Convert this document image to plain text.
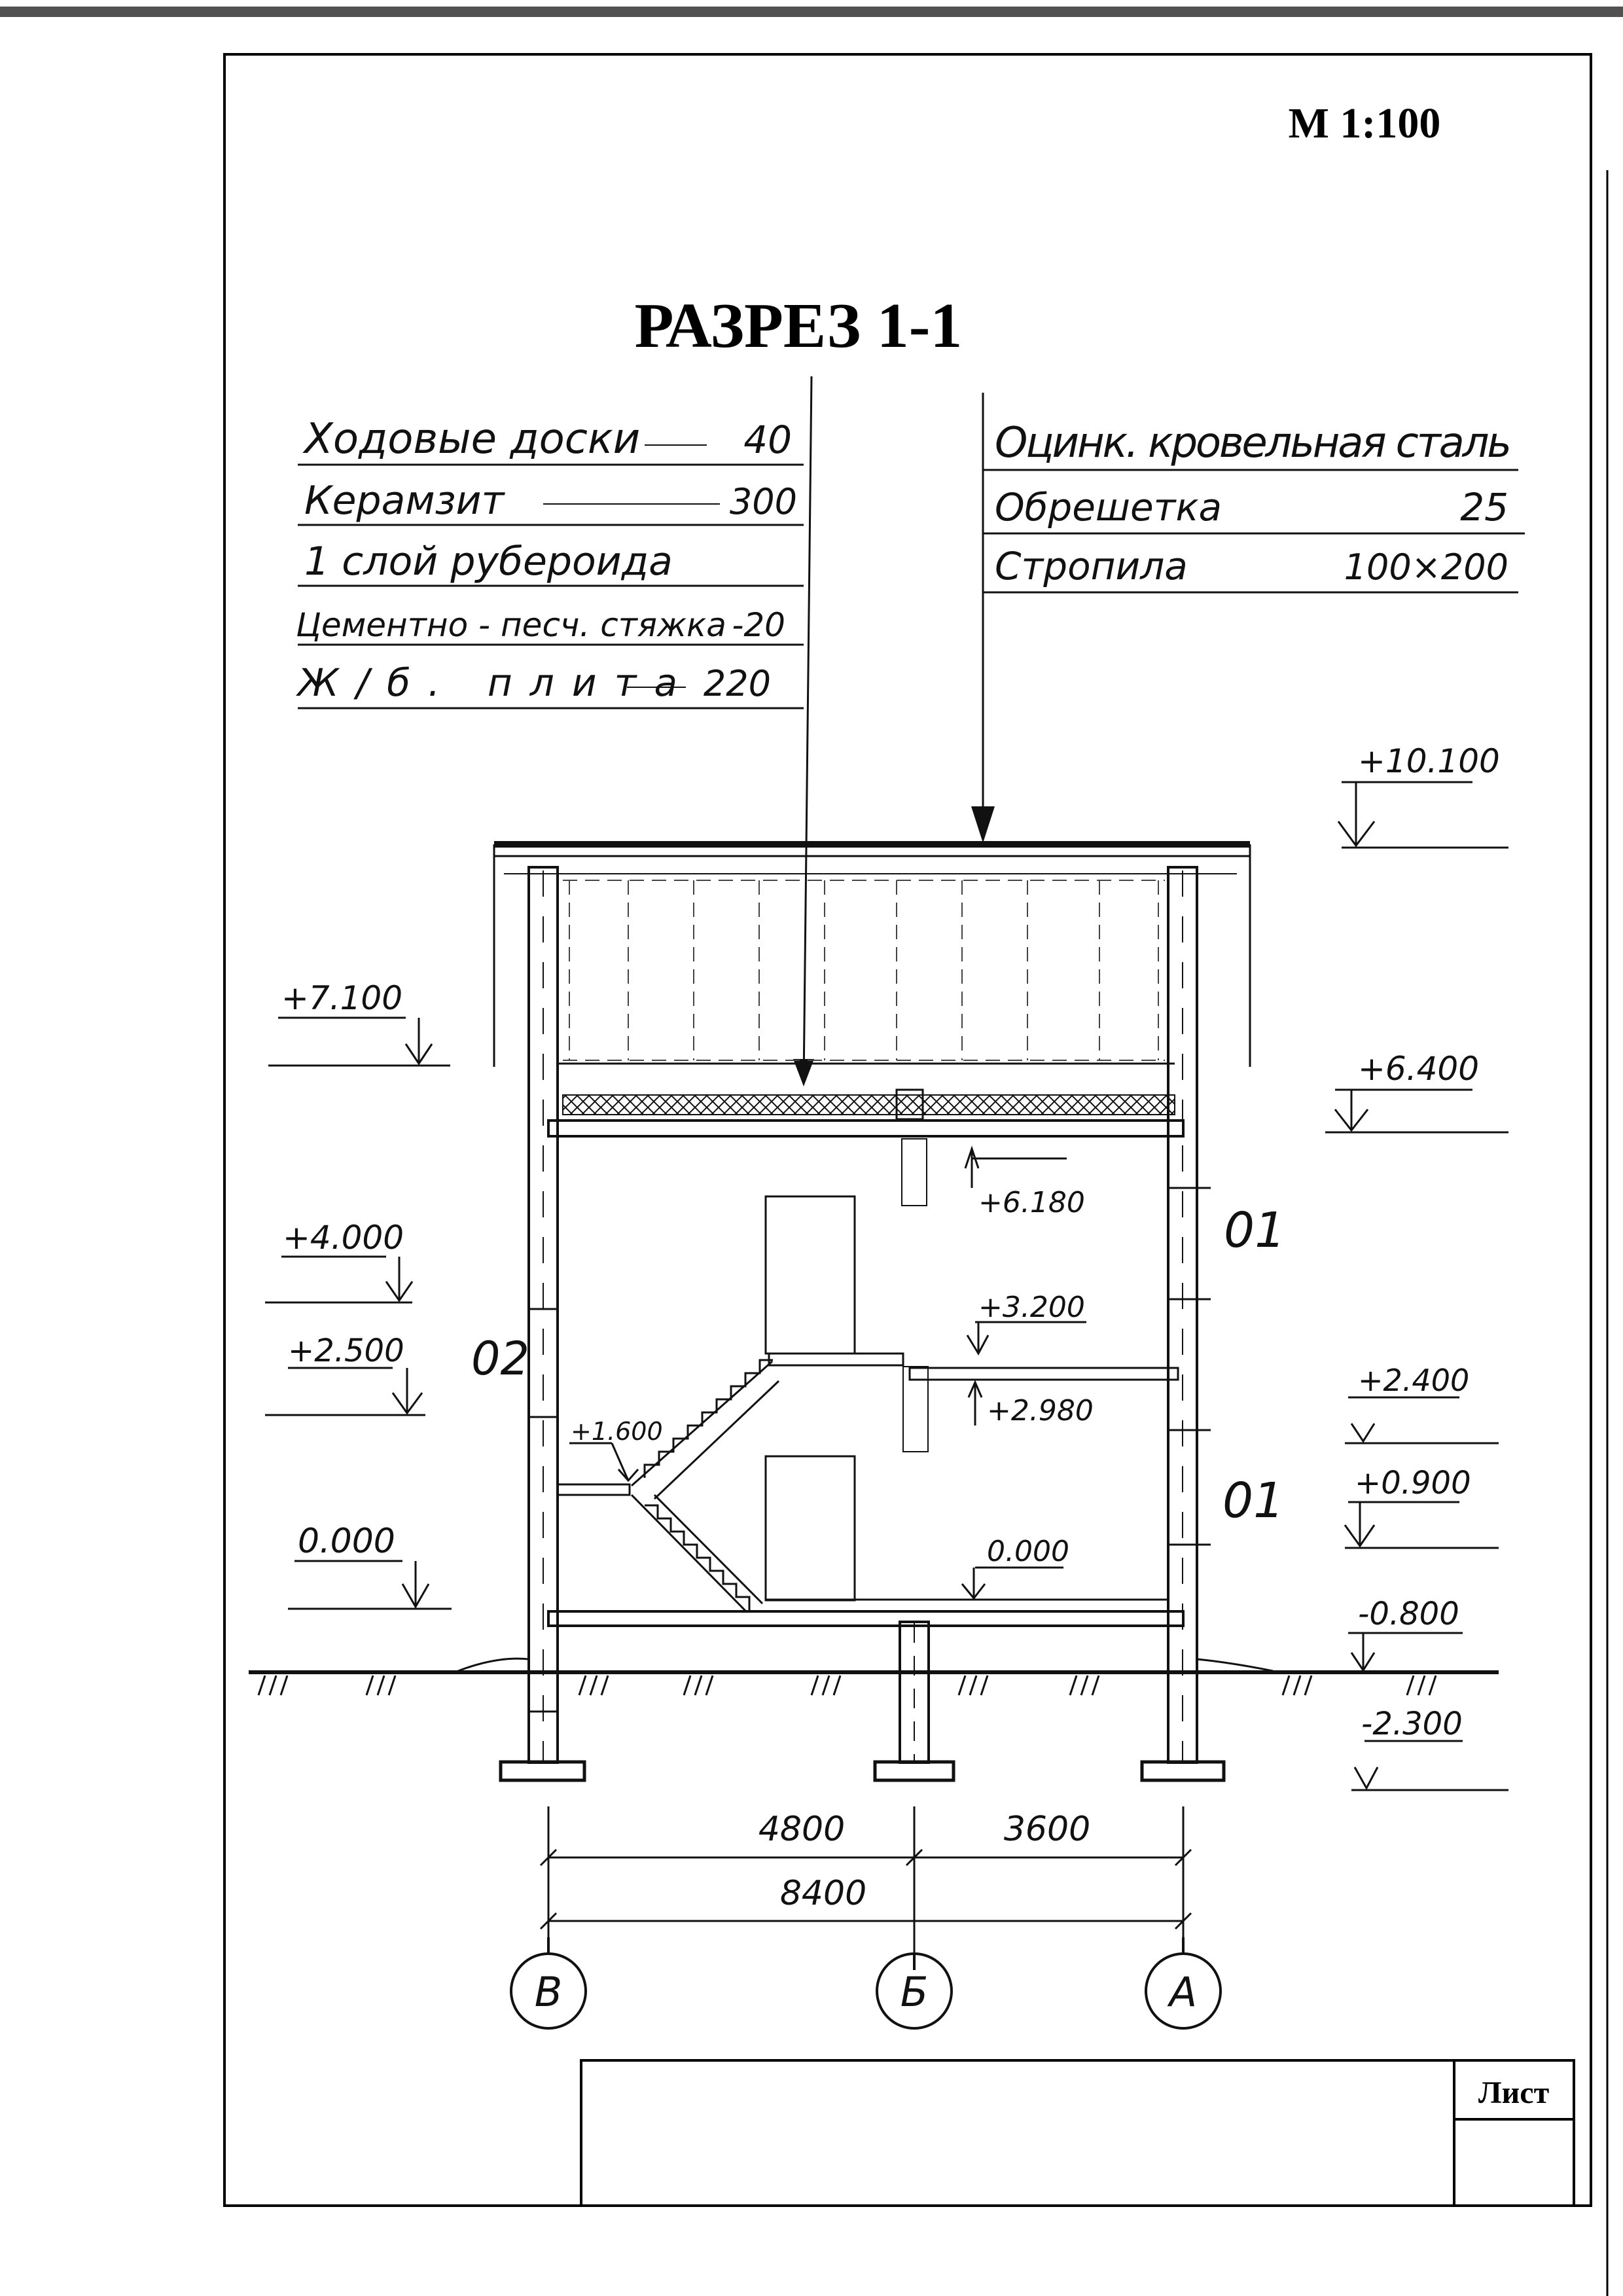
Лист
М 1:100
РАЗРЕЗ 1-1
Ходовые доски	40
Керамзит	300
1 слой рубероида
Цементно - песч. стяжка -20
Ж/б. плита 220
Оцинк. кровельная сталь
Обрешетка	25
Стропила	100×200
+10.100
+6.400
+2.400
+0.900
-0.800
-2.300
+7.100
+4.000
+2.500
0.000
+6.180
+3.200
+2.980
+1.600
0.000
01
01
02
4800	3600
8400
В	Б	А
